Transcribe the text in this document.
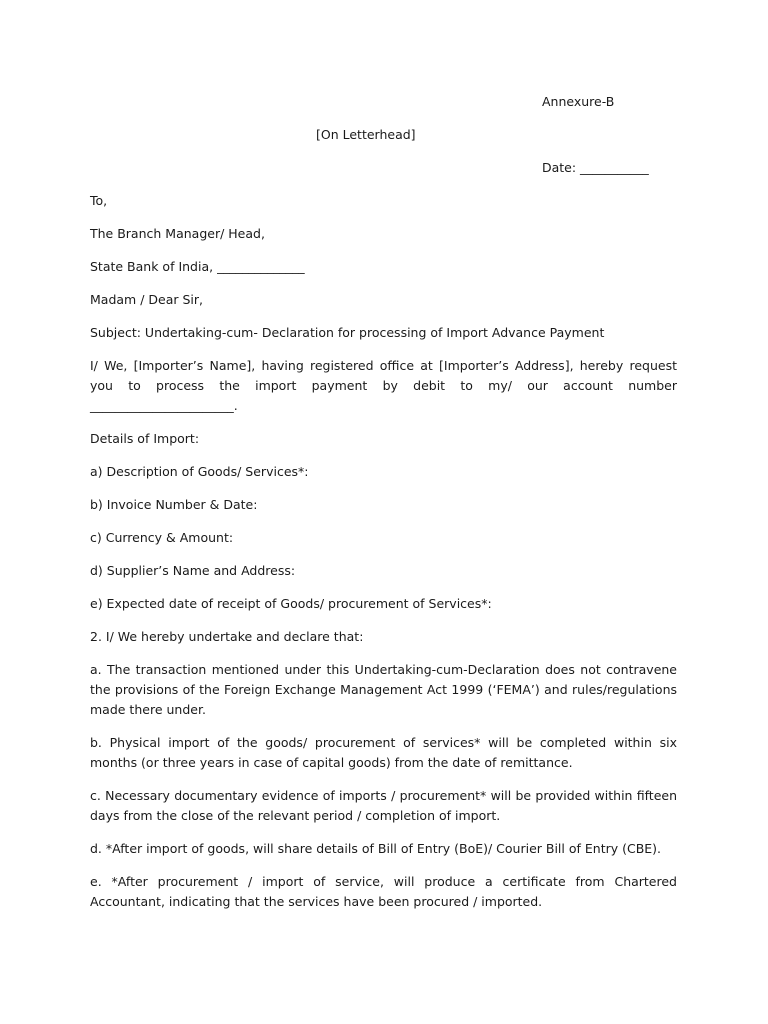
Annexure-B
[On Letterhead]
Date: ___________

To,

The Branch Manager/ Head,

State Bank of India, ______________

Madam / Dear Sir,

Subject: Undertaking-cum- Declaration for processing of Import Advance Payment

I/ We, [Importer’s Name], having registered office at [Importer’s Address], hereby request you to process the import payment by debit to my/ our account number _______________________.

Details of Import:

a) Description of Goods/ Services*:

b) Invoice Number & Date:

c) Currency & Amount:

d) Supplier’s Name and Address:

e) Expected date of receipt of Goods/ procurement of Services*:

2. I/ We hereby undertake and declare that:

a. The transaction mentioned under this Undertaking-cum-Declaration does not contravene the provisions of the Foreign Exchange Management Act 1999 (‘FEMA’) and rules/regulations made there under.

b. Physical import of the goods/ procurement of services* will be completed within six months (or three years in case of capital goods) from the date of remittance.

c. Necessary documentary evidence of imports / procurement* will be provided within fifteen days from the close of the relevant period / completion of import.

d. *After import of goods, will share details of Bill of Entry (BoE)/ Courier Bill of Entry (CBE).

e. *After procurement / import of service, will produce a certificate from Chartered Accountant, indicating that the services have been procured / imported.
